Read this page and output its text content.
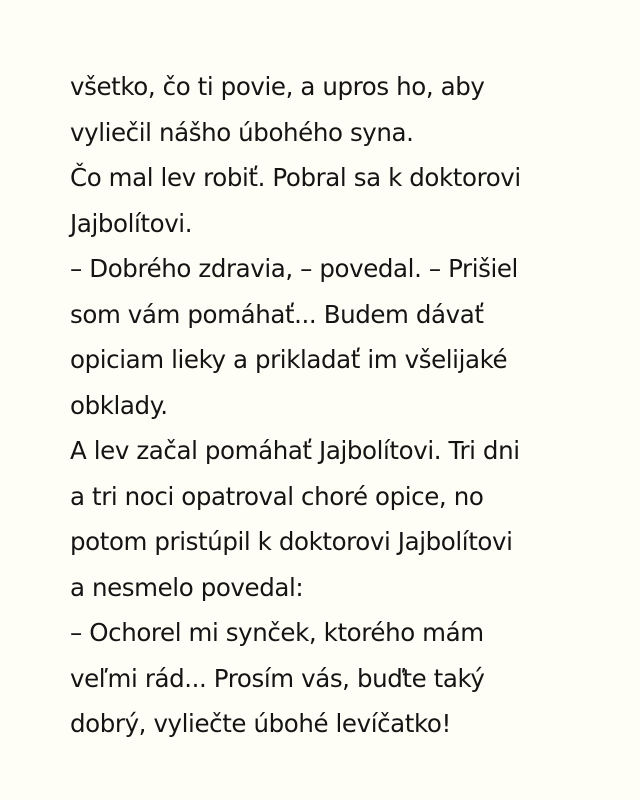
všetko, čo ti povie, a upros ho, aby
vyliečil nášho úbohého syna.
Čo mal lev robiť. Pobral sa k doktorovi
Jajbolítovi.
– Dobrého zdravia, – povedal. – Prišiel
som vám pomáhať... Budem dávať
opiciam lieky a prikladať im všelijaké
obklady.
A lev začal pomáhať Jajbolítovi. Tri dni
a tri noci opatroval choré opice, no
potom pristúpil k doktorovi Jajbolítovi
a nesmelo povedal:
– Ochorel mi synček, ktorého mám
veľmi rád... Prosím vás, buďte taký
dobrý, vyliečte úbohé levíčatko!
